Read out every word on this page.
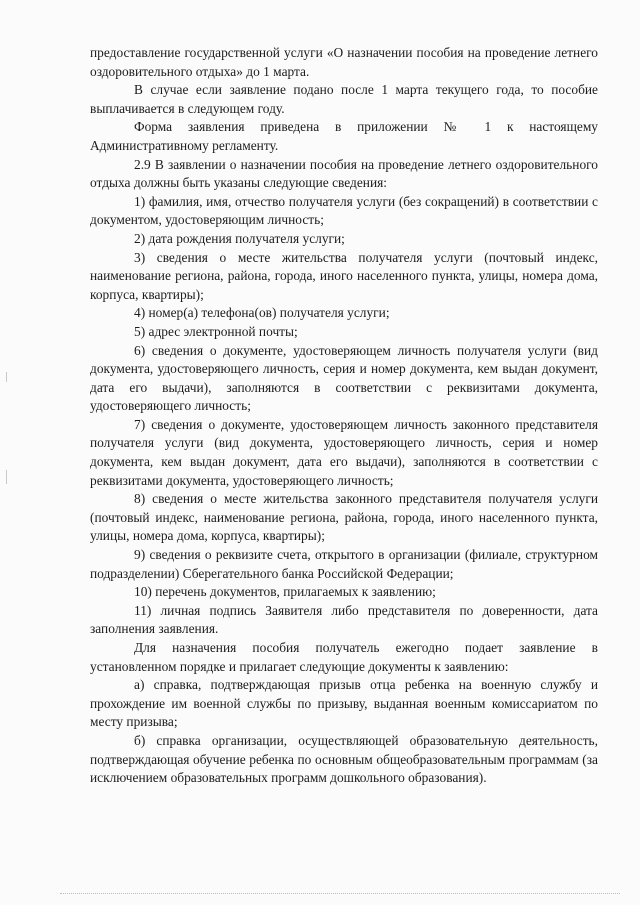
предоставление государственной услуги «О назначении пособия на проведение летнего оздоровительного отдыха» до 1 марта.

В случае если заявление подано после 1 марта текущего года, то пособие выплачивается в следующем году.

Форма заявления приведена в приложении № 1 к настоящему Административному регламенту.

2.9 В заявлении о назначении пособия на проведение летнего оздоровительного отдыха должны быть указаны следующие сведения:

1) фамилия, имя, отчество получателя услуги (без сокращений) в соответствии с документом, удостоверяющим личность;

2) дата рождения получателя услуги;

3) сведения о месте жительства получателя услуги (почтовый индекс, наименование региона, района, города, иного населенного пункта, улицы, номера дома, корпуса, квартиры);

4) номер(а) телефона(ов) получателя услуги;

5) адрес электронной почты;

6) сведения о документе, удостоверяющем личность получателя услуги (вид документа, удостоверяющего личность, серия и номер документа, кем выдан документ, дата его выдачи), заполняются в соответствии с реквизитами документа, удостоверяющего личность;

7) сведения о документе, удостоверяющем личность законного представителя получателя услуги (вид документа, удостоверяющего личность, серия и номер документа, кем выдан документ, дата его выдачи), заполняются в соответствии с реквизитами документа, удостоверяющего личность;

8) сведения о месте жительства законного представителя получателя услуги (почтовый индекс, наименование региона, района, города, иного населенного пункта, улицы, номера дома, корпуса, квартиры);

9) сведения о реквизите счета, открытого в организации (филиале, структурном подразделении) Сберегательного банка Российской Федерации;

10) перечень документов, прилагаемых к заявлению;

11) личная подпись Заявителя либо представителя по доверенности, дата заполнения заявления.

Для назначения пособия получатель ежегодно подает заявление в установленном порядке и прилагает следующие документы к заявлению:

а) справка, подтверждающая призыв отца ребенка на военную службу и прохождение им военной службы по призыву, выданная военным комиссариатом по месту призыва;

б) справка организации, осуществляющей образовательную деятельность, подтверждающая обучение ребенка по основным общеобразовательным программам (за исключением образовательных программ дошкольного образования).
